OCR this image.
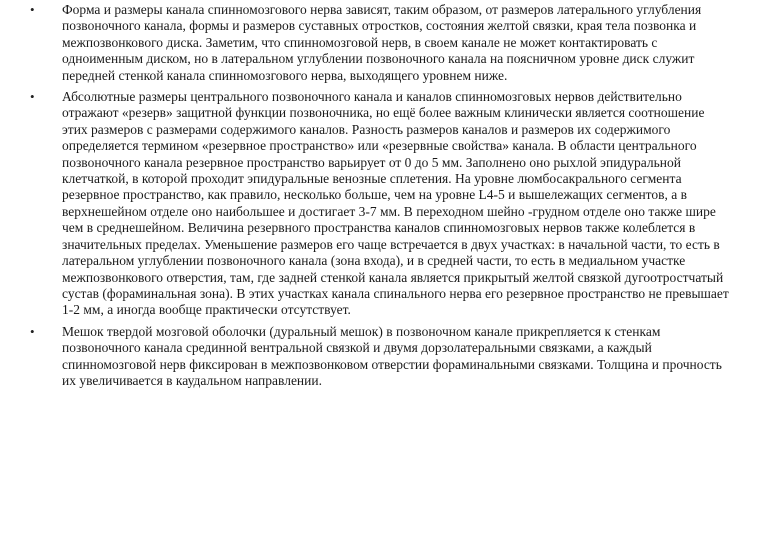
• Форма и размеры канала спинномозгового нерва зависят, таким образом, от размеров латерального углубления позвоночного канала, формы и размеров суставных отростков, состояния желтой связки, края тела позвонка и межпозвонкового диска. Заметим, что спинномозговой нерв, в своем канале не может контактировать с одноименным диском, но в латеральном углублении позвоночного канала на поясничном уровне диск служит передней стенкой канала спинномозгового нерва, выходящего уровнем ниже.
• Абсолютные размеры центрального позвоночного канала и каналов спинномозговых нервов действительно отражают «резерв» защитной функции позвоночника, но ещё более важным клинически является соотношение этих размеров с размерами содержимого каналов. Разность размеров каналов и размеров их содержимого определяется термином «резервное пространство» или «резервные свойства» канала. В области центрального позвоночного канала резервное пространство варьирует от 0 до 5 мм. Заполнено оно рыхлой эпидуральной клетчаткой, в которой проходит эпидуральные венозные сплетения. На уровне люмбосакрального сегмента резервное пространство, как правило, несколько больше, чем на уровне L4-5 и вышележащих сегментов, а в верхнешейном отделе оно наибольшее и достигает 3-7 мм. В переходном шейно -грудном отделе оно также шире чем в среднешейном. Величина резервного пространства каналов спинномозговых нервов также колеблется в значительных пределах. Уменьшение размеров его чаще встречается в двух участках: в начальной части, то есть в латеральном углублении позвоночного канала (зона входа), и в средней части, то есть в медиальном участке межпозвонкового отверстия, там, где задней стенкой канала является прикрытый желтой связкой дугоотростчатый сустав (фораминальная зона). В этих участках канала спинального нерва его резервное пространство не превышает 1-2 мм, а иногда вообще практически отсутствует.
• Мешок твердой мозговой оболочки (дуральный мешок) в позвоночном канале прикрепляется к стенкам позвоночного канала срединной вентральной связкой и двумя дорзолатеральными связками, а каждый спинномозговой нерв фиксирован в межпозвонковом отверстии фораминальными связками. Толщина и прочность их увеличивается в каудальном направлении.
